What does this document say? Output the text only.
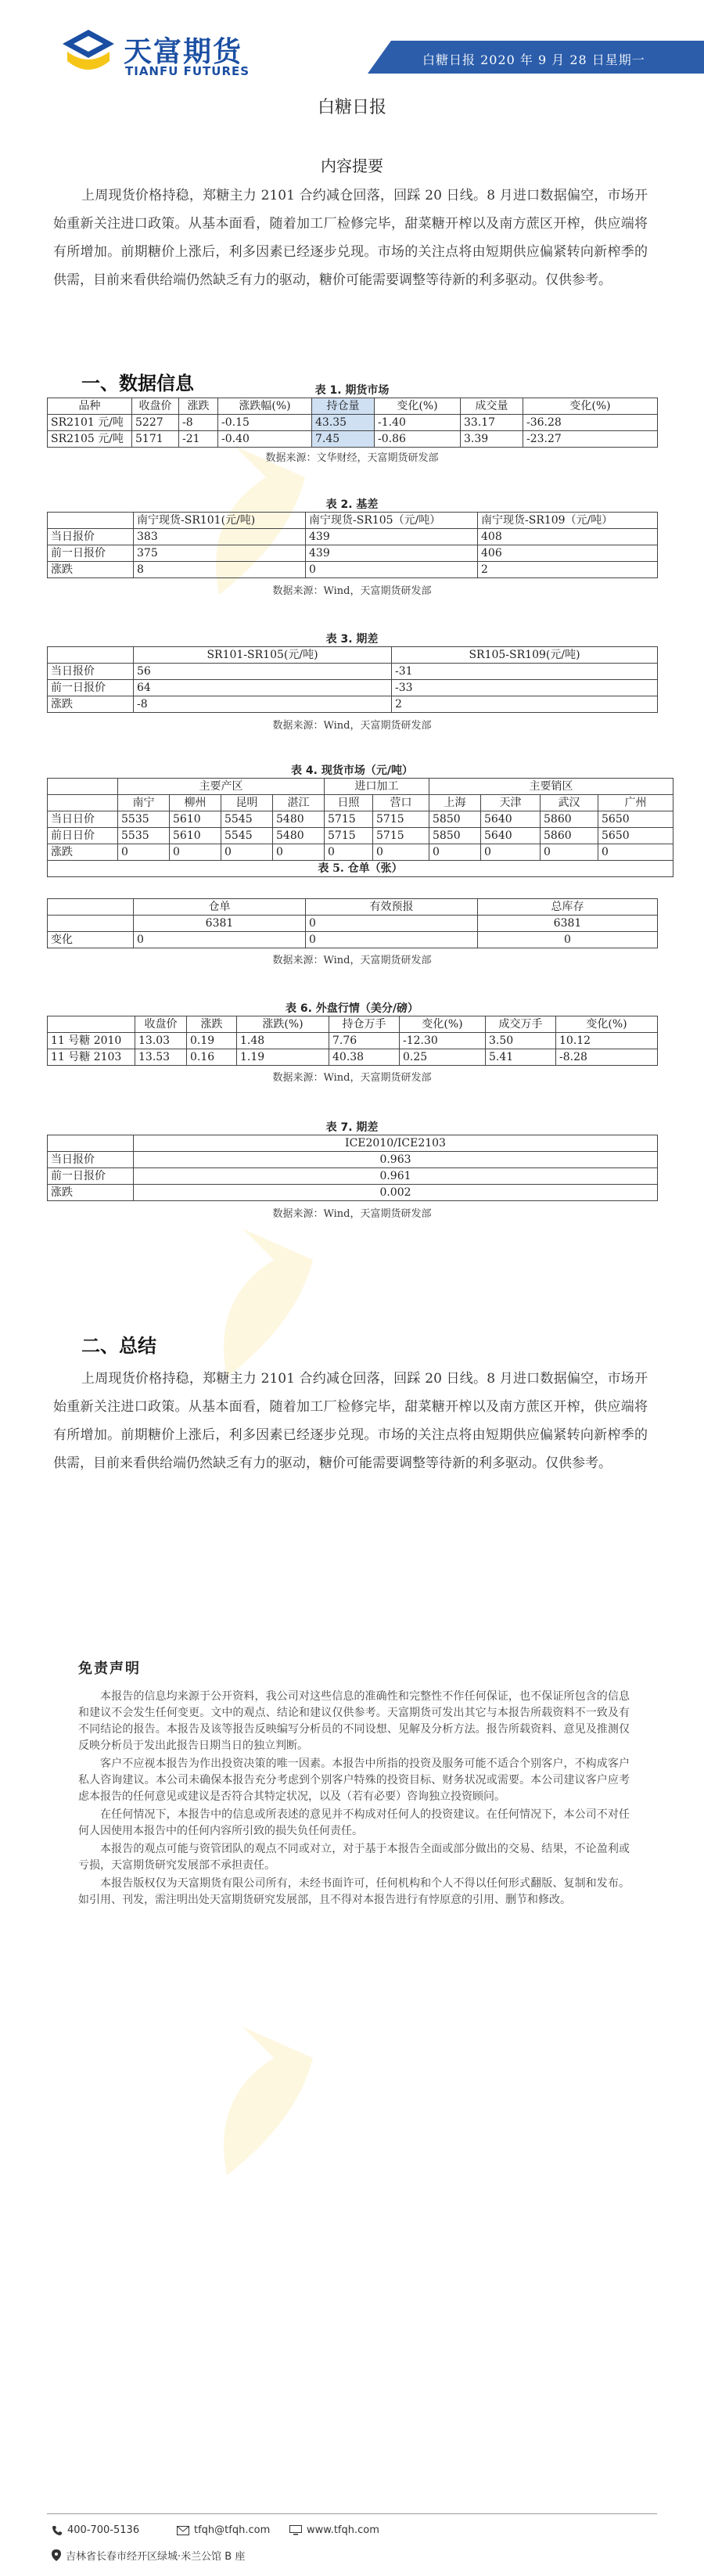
天富期货
TIANFU FUTURES
白糖日报 2020 年 9 月 28 日星期一
白糖日报
内容提要
上周现货价格持稳，郑糖主力 2101 合约减仓回落，回踩 20 日线。8 月进口数据偏空，市场开始重新关注进口政策。从基本面看，随着加工厂检修完毕，甜菜糖开榨以及南方蔗区开榨，供应端将有所增加。前期糖价上涨后，利多因素已经逐步兑现。市场的关注点将由短期供应偏紧转向新榨季的供需，目前来看供给端仍然缺乏有力的驱动，糖价可能需要调整等待新的利多驱动。仅供参考。
一、数据信息	表 1. 期货市场
品种	收盘价	涨跌	涨跌幅(%)	持仓量	变化(%)	成交量	变化(%)
SR2101 元/吨	5227	-8	-0.15	43.35	-1.40	33.17	-36.28
SR2105 元/吨	5171	-21	-0.40	7.45	-0.86	3.39	-23.27
数据来源：文华财经，天富期货研发部
表 2. 基差
	南宁现货-SR101(元/吨)	南宁现货-SR105（元/吨）	南宁现货-SR109（元/吨）
当日报价	383	439	408
前一日报价	375	439	406
涨跌	8	0	2
数据来源：Wind，天富期货研发部
表 3. 期差
	SR101-SR105(元/吨)	SR105-SR109(元/吨)
当日报价	56	-31
前一日报价	64	-33
涨跌	-8	2
数据来源：Wind，天富期货研发部
表 4. 现货市场（元/吨）
	主要产区				进口加工		主要销区			
	南宁	柳州	昆明	湛江	日照	营口	上海	天津	武汉	广州
当日日价	5535	5610	5545	5480	5715	5715	5850	5640	5860	5650
前日日价	5535	5610	5545	5480	5715	5715	5850	5640	5860	5650
涨跌	0	0	0	0	0	0	0	0	0	0
表 5. 仓单（张）										
	仓单	有效预报	总库存
	6381	0	6381
变化	0	0	0
数据来源：Wind，天富期货研发部
表 6. 外盘行情（美分/磅）
	收盘价	涨跌	涨跌(%)	持仓万手	变化(%)	成交万手	变化(%)
11 号糖 2010	13.03	0.19	1.48	7.76	-12.30	3.50	10.12
11 号糖 2103	13.53	0.16	1.19	40.38	0.25	5.41	-8.28
数据来源：Wind，天富期货研发部
表 7. 期差
	ICE2010/ICE2103
当日报价	0.963
前一日报价	0.961
涨跌	0.002
数据来源：Wind，天富期货研发部
二、总结
上周现货价格持稳，郑糖主力 2101 合约减仓回落，回踩 20 日线。8 月进口数据偏空，市场开始重新关注进口政策。从基本面看，随着加工厂检修完毕，甜菜糖开榨以及南方蔗区开榨，供应端将有所增加。前期糖价上涨后，利多因素已经逐步兑现。市场的关注点将由短期供应偏紧转向新榨季的供需，目前来看供给端仍然缺乏有力的驱动，糖价可能需要调整等待新的利多驱动。仅供参考。
免责声明

本报告的信息均来源于公开资料，我公司对这些信息的准确性和完整性不作任何保证，也不保证所包含的信息和建议不会发生任何变更。文中的观点、结论和建议仅供参考。天富期货可发出其它与本报告所载资料不一致及有不同结论的报告。本报告及该等报告反映编写分析员的不同设想、见解及分析方法。报告所载资料、意见及推测仅反映分析员于发出此报告日期当日的独立判断。

客户不应视本报告为作出投资决策的唯一因素。本报告中所指的投资及服务可能不适合个别客户，不构成客户私人咨询建议。本公司未确保本报告充分考虑到个别客户特殊的投资目标、财务状况或需要。本公司建议客户应考虑本报告的任何意见或建议是否符合其特定状况，以及（若有必要）咨询独立投资顾问。

在任何情况下，本报告中的信息或所表述的意见并不构成对任何人的投资建议。在任何情况下，本公司不对任何人因使用本报告中的任何内容所引致的损失负任何责任。

本报告的观点可能与资管团队的观点不同或对立，对于基于本报告全面或部分做出的交易、结果，不论盈利或亏损，天富期货研究发展部不承担责任。

本报告版权仅为天富期货有限公司所有，未经书面许可，任何机构和个人不得以任何形式翻版、复制和发布。如引用、刊发，需注明出处天富期货研究发展部，且不得对本报告进行有悖原意的引用、删节和修改。

400-700-5136	tfqh@tfqh.com	www.tfqh.com
吉林省长春市经开区绿城·米兰公馆 B 座
